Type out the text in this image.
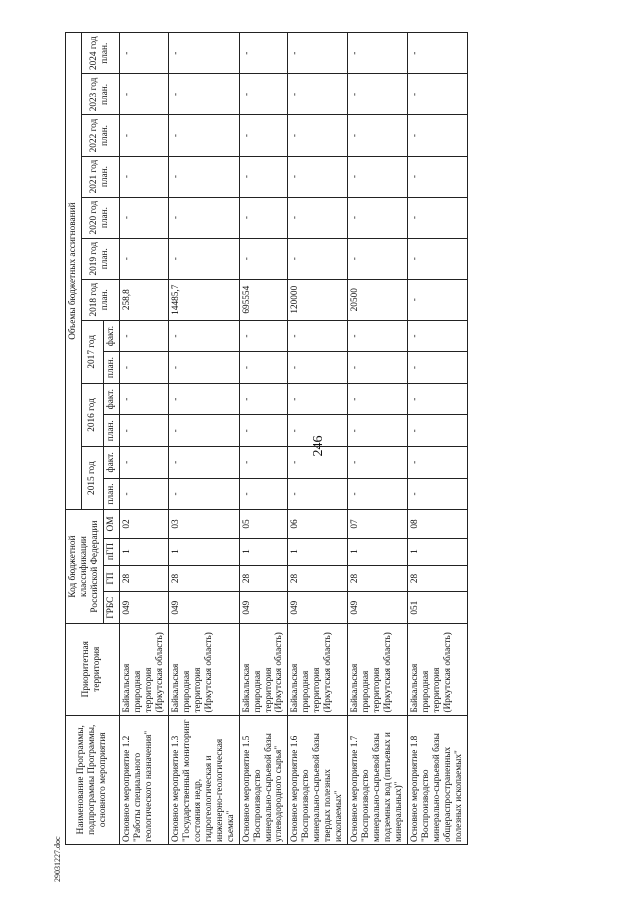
246
Наименование Программы, подпрограммы Программы, основного мероприятия	Приоритетная территория	Код бюджетной классификации Российской Федерации				Объемы бюджетных ассигнований												
						2015 год		2016 год		2017 год		2018 год план.	2019 год план.	2020 год план.	2021 год план.	2022 год план.	2023 год план.	2024 год план.
		ГРБС	ГП	пГП	ОМ	план.	факт.	план.	факт.	план.	факт.							
Основное мероприятие 1.2 "Работы специального геологического назначения"	Байкальская природная территория (Иркутская область)	049	28	1	02	-	-	-	-	-	-	258,8	-	-	-	-	-	-
Основное мероприятие 1.3 "Государственный мониторинг состояния недр, гидрогеологическая и инженерно-геологическая съемка"	Байкальская природная территория (Иркутская область)	049	28	1	03	-	-	-	-	-	-	14485,7	-	-	-	-	-	-
Основное мероприятие 1.5 "Воспроизводство минерально-сырьевой базы углеводородного сырья"	Байкальская природная территория (Иркутская область)	049	28	1	05	-	-	-	-	-	-	695554	-	-	-	-	-	-
Основное мероприятие 1.6 "Воспроизводство минерально-сырьевой базы твердых полезных ископаемых"	Байкальская природная территория (Иркутская область)	049	28	1	06	-	-	-	-	-	-	120000	-	-	-	-	-	-
Основное мероприятие 1.7 "Воспроизводство минерально-сырьевой базы подземных вод (питьевых и минеральных)"	Байкальская природная территория (Иркутская область)	049	28	1	07	-	-	-	-	-	-	20500	-	-	-	-	-	-
Основное мероприятие 1.8 "Воспроизводство минерально-сырьевой базы общераспространенных полезных ископаемых"	Байкальская природная территория (Иркутская область)	051	28	1	08	-	-	-	-	-	-	-	-	-	-	-	-	-
29031227.doc
